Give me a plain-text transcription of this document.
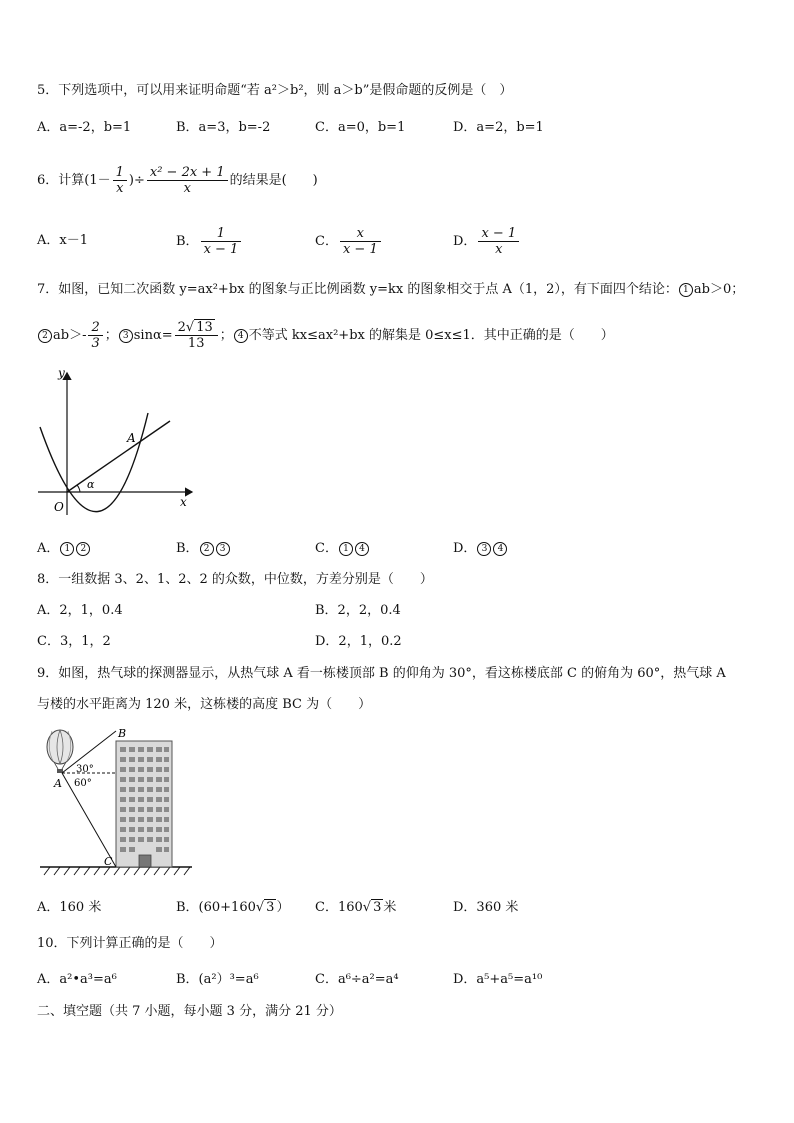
5．下列选项中，可以用来证明命题“若 a²＞b²，则 a＞b”是假命题的反例是（　）
A．a=-2，b=1	B．a=3，b=-2	C．a=0，b=1	D．a=2，b=1
6．计算($1- \frac{1}{x}$ )÷ $\frac{\text{x² − 2x + 1}}{x}$ 的结果是(　　)
A．x－1	B． $\frac{1}{x - 1}$	C． $\frac{x}{x - 1}$	D． $\frac{x - 1}{x}$
7．如图，已知二次函数 y=ax²+bx 的图象与正比例函数 y=kx 的图象相交于点 A（1，2），有下面四个结论： 1 ab＞0；
2 $ab>- \frac{2}{3}$ ； 3 $\sin\alpha= \frac{2√ 13}{13}$ ； 4 不等式 kx≤ax²+bx 的解集是 0≤x≤1．其中正确的是（　　）
y
x
O
A
α
A． 1 2	B． 2 3	C． 1 4	D． 3 4
8．一组数据 3、2、1、2、2 的众数，中位数，方差分别是（　　）
A．2，1，0.4	B．2，2，0.4
C．3，1，2	D．2，1，0.2
9．如图，热气球的探测器显示，从热气球 A 看一栋楼顶部 B 的仰角为 30°，看这栋楼底部 C 的俯角为 60°，热气球 A
与楼的水平距离为 120 米，这栋楼的高度 BC 为（　　）
B
A
C
30°
60°
A．160 米	B．(60+160√ 3 ） C．160√ 3 米	D．360 米
10．下列计算正确的是（　　）
A．a²•a³=a⁶	B．(a²）³=a⁶	C．a⁶÷a²=a⁴	D．a⁵+a⁵=a¹⁰
二、填空题（共 7 小题，每小题 3 分，满分 21 分）
